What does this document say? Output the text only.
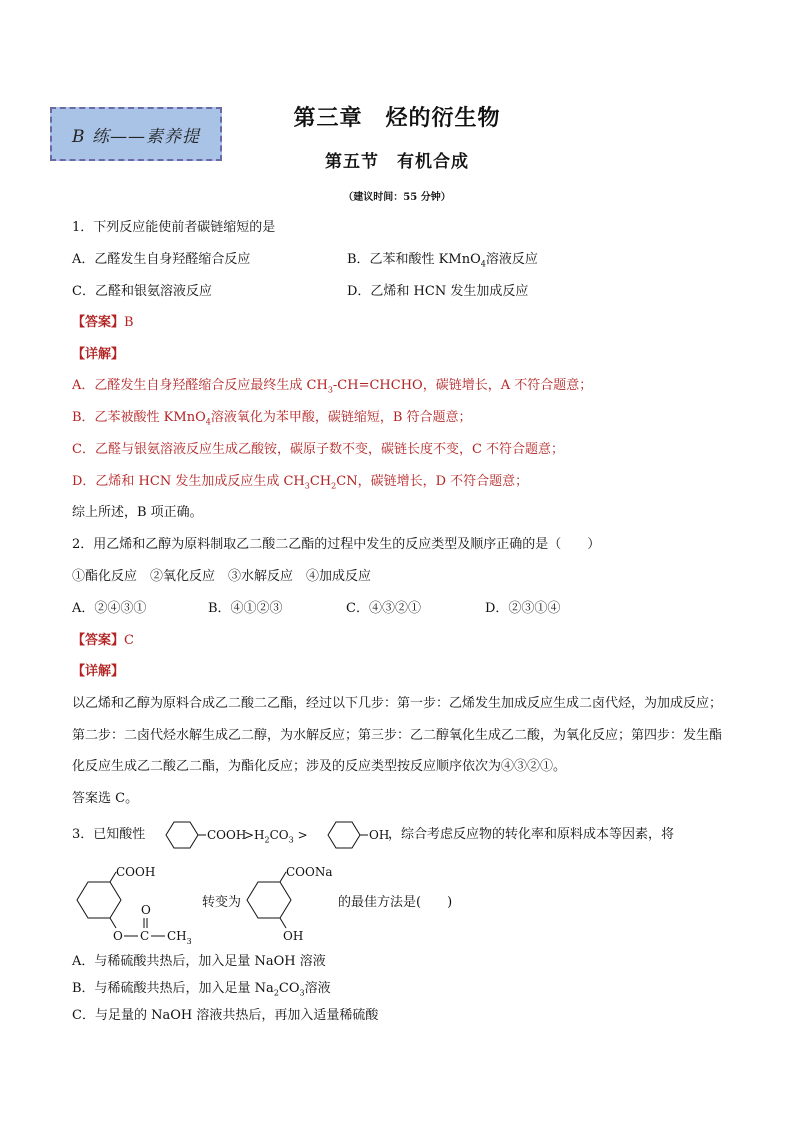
B 练——素养提
第三章　烃的衍生物
第五节　有机合成
（建议时间：55 分钟）
1．下列反应能使前者碳链缩短的是
A．乙醛发生自身羟醛缩合反应	B．乙苯和酸性 KMnO$_4$溶液反应
C．乙醛和银氨溶液反应	D．乙烯和 HCN 发生加成反应
【答案】B
【详解】
A．乙醛发生自身羟醛缩合反应最终生成 $CH_3-CH=CHCHO$，碳链增长，A 不符合题意；
B．乙苯被酸性 KMnO$_4$溶液氧化为苯甲酸，碳链缩短，B 符合题意；
C．乙醛与银氨溶液反应生成乙酸铵，碳原子数不变，碳链长度不变，C 不符合题意；
D．乙烯和 HCN 发生加成反应生成 $CH_3CH_2CN$，碳链增长，D 不符合题意；
综上所述，B 项正确。
2．用乙烯和乙醇为原料制取乙二酸二乙酯的过程中发生的反应类型及顺序正确的是（　　）
①酯化反应　②氧化反应　③水解反应　④加成反应
A．②④③①	B．④①②③	C．④③②①	D．②③①④
【答案】C
【详解】
以乙烯和乙醇为原料合成乙二酸二乙酯，经过以下几步：第一步：乙烯发生加成反应生成二卤代烃，为加成反应；第二步：二卤代烃水解生成乙二醇，为水解反应；第三步：乙二醇氧化生成乙二酸，为氧化反应；第四步：发生酯化反应生成乙二酸乙二酯，为酯化反应；涉及的反应类型按反应顺序依次为④③②①。
答案选 C。
3．已知酸性	COOH
$>H_2CO_3$ >	OH
，综合考虑反应物的转化率和原料成本等因素，将
COOH
O C
O
$CH_3$
转变为
COONa
OH
的最佳方法是(　　)
A．与稀硫酸共热后，加入足量 NaOH 溶液
B．与稀硫酸共热后，加入足量 $Na_2CO_3$溶液
C．与足量的 NaOH 溶液共热后，再加入适量稀硫酸
